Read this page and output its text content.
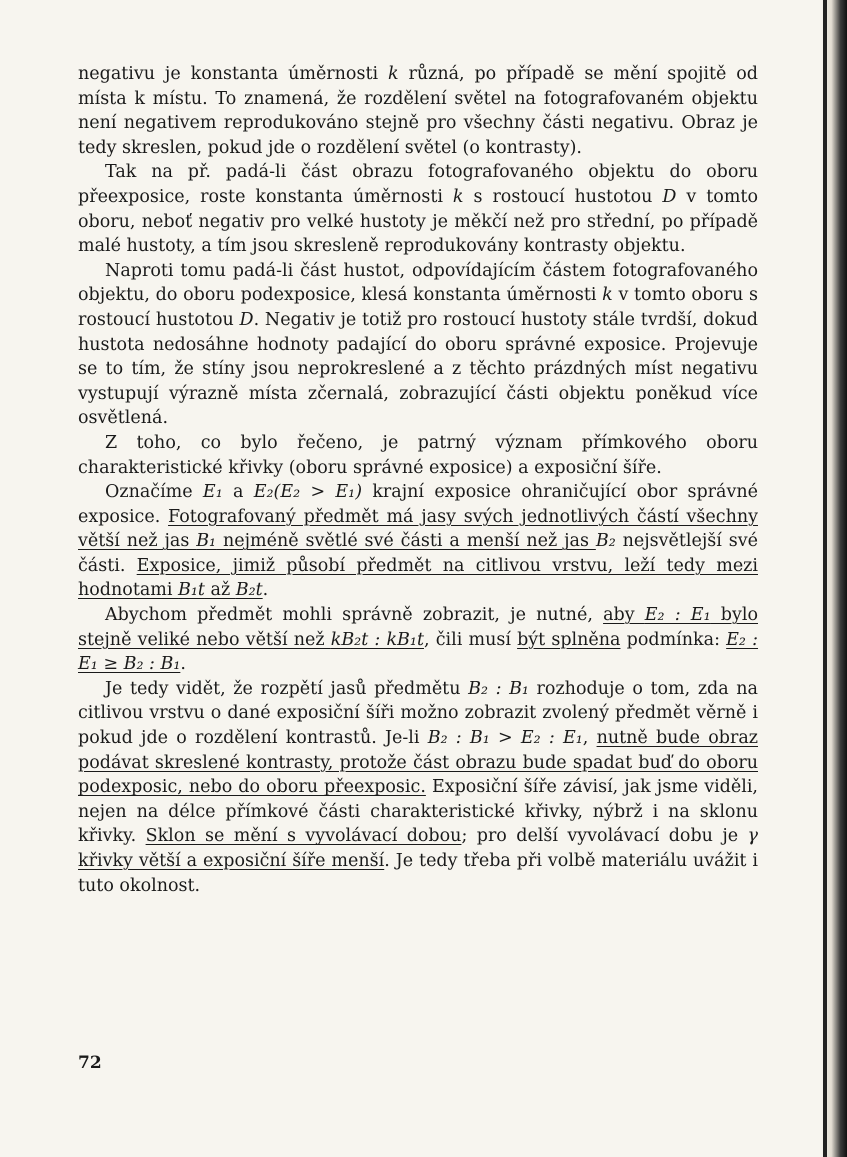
negativu je konstanta úměrnosti k různá, po případě se mění spojitě od místa k místu. To znamená, že rozdělení světel na fotografovaném objektu není negativem reprodukováno stejně pro všechny části negativu. Obraz je tedy skreslen, pokud jde o rozdělení světel (o kontrasty).

Tak na př. padá-li část obrazu fotografovaného objektu do oboru přeexposice, roste konstanta úměrnosti k s rostoucí hustotou D v tomto oboru, neboť negativ pro velké hustoty je měkčí než pro střední, po případě malé hustoty, a tím jsou skresleně reprodukovány kontrasty objektu.

Naproti tomu padá-li část hustot, odpovídajícím částem fotografovaného objektu, do oboru podexposice, klesá konstanta úměrnosti k v tomto oboru s rostoucí hustotou D. Negativ je totiž pro rostoucí hustoty stále tvrdší, dokud hustota nedosáhne hodnoty padající do oboru správné exposice. Projevuje se to tím, že stíny jsou neprokreslené a z těchto prázdných míst negativu vystupují výrazně místa zčernalá, zobrazující části objektu poněkud více osvětlená.

Z toho, co bylo řečeno, je patrný význam přímkového oboru charakteristické křivky (oboru správné exposice) a exposiční šíře.

Označíme E₁ a E₂(E₂ > E₁) krajní exposice ohraničující obor správné exposice. Fotografovaný předmět má jasy svých jednotlivých částí všechny větší než jas B₁ nejméně světlé své části a menší než jas B₂ nejsvětlejší své části. Exposice, jimiž působí předmět na citlivou vrstvu, leží tedy mezi hodnotami B₁t až B₂t.

Abychom předmět mohli správně zobrazit, je nutné, aby E₂ : E₁ bylo stejně veliké nebo větší než kB₂t : kB₁t, čili musí být splněna podmínka: E₂ : E₁ ≥ B₂ : B₁.

Je tedy vidět, že rozpětí jasů předmětu B₂ : B₁ rozhoduje o tom, zda na citlivou vrstvu o dané exposiční šíři možno zobrazit zvolený předmět věrně i pokud jde o rozdělení kontrastů. Je-li B₂ : B₁ > E₂ : E₁, nutně bude obraz podávat skreslené kontrasty, protože část obrazu bude spadat buď do oboru podexposic, nebo do oboru přeexposic. Exposiční šíře závisí, jak jsme viděli, nejen na délce přímkové části charakteristické křivky, nýbrž i na sklonu křivky. Sklon se mění s vyvolávací dobou; pro delší vyvolávací dobu je γ křivky větší a exposiční šíře menší. Je tedy třeba při volbě materiálu uvážit i tuto okolnost.

72
